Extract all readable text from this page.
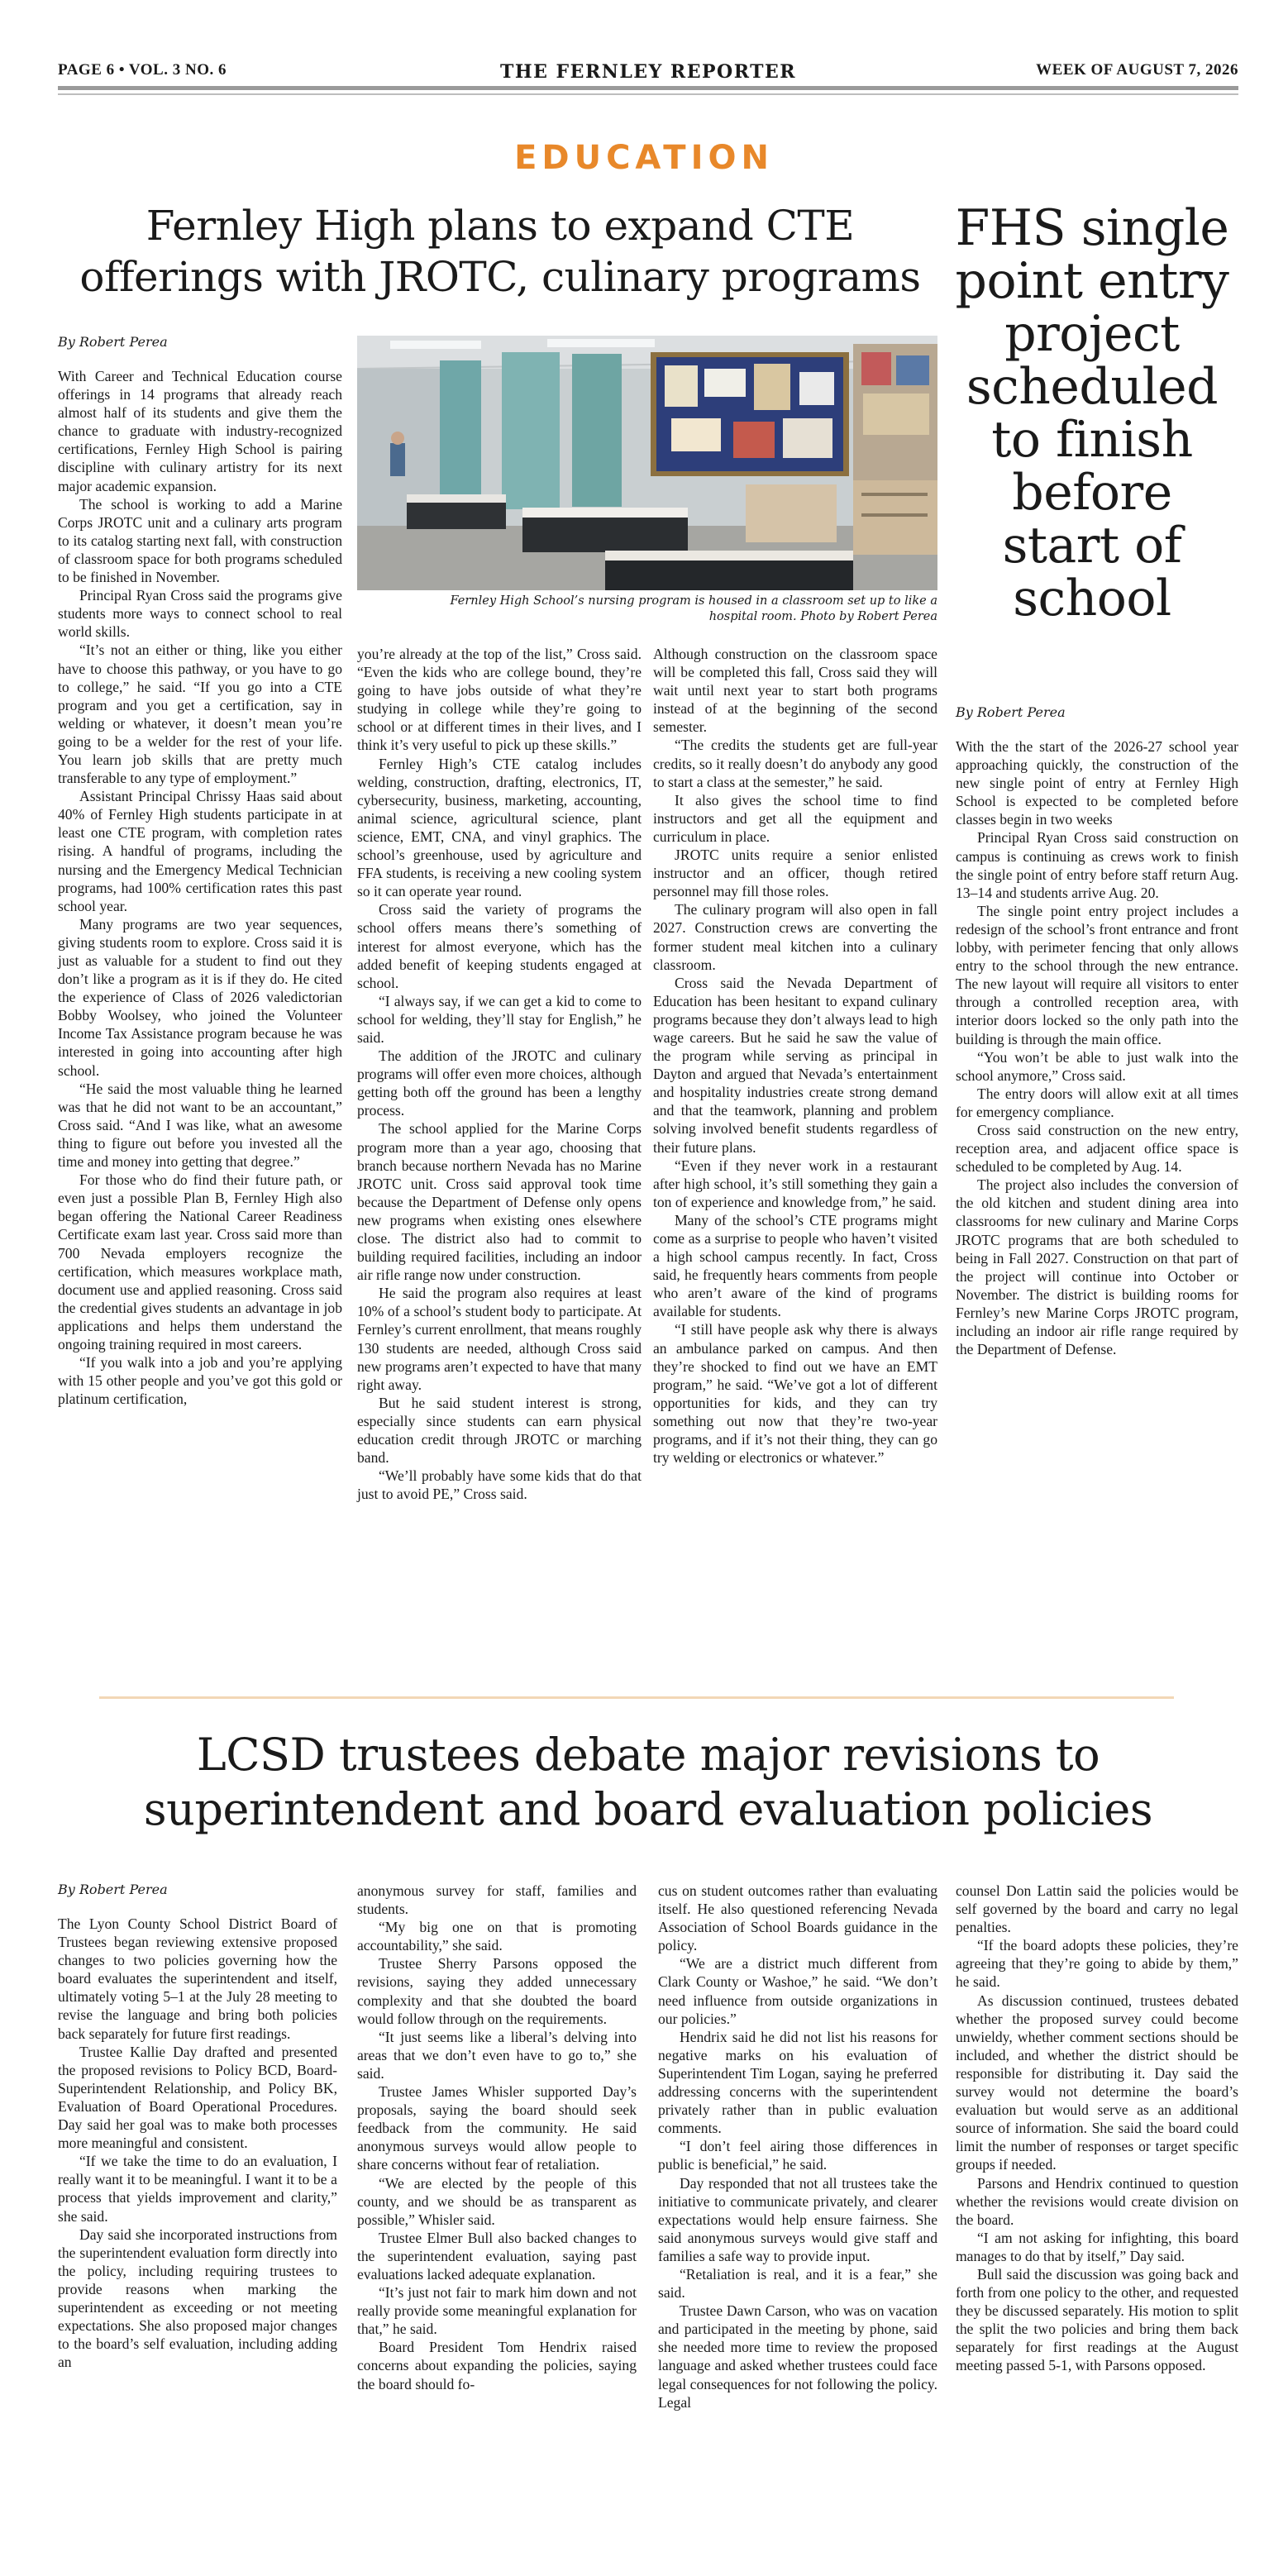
PAGE 6 • VOL. 3 NO. 6	THE FERNLEY REPORTER	WEEK OF AUGUST 7, 2026
EDUCATION
Fernley High plans to expand CTE
offerings with JROTC, culinary programs
FHS single
point entry
project
scheduled
to finish
before
start of
school
By Robert Perea
By Robert Perea
Fernley High School’s nursing program is housed in a classroom set up to like a
hospital room. Photo by Robert Perea

With Career and Technical Education course offerings in 14 programs that already reach almost half of its students and give them the chance to graduate with industry-recognized certifications, Fernley High School is pairing discipline with culinary artistry for its next major academic expansion.

The school is working to add a Marine Corps JROTC unit and a culinary arts program to its catalog starting next fall, with construction of classroom space for both programs scheduled to be finished in November.

Principal Ryan Cross said the programs give students more ways to connect school to real world skills.

“It’s not an either or thing, like you either have to choose this pathway, or you have to go to college,” he said. “If you go into a CTE program and you get a certification, say in welding or whatever, it doesn’t mean you’re going to be a welder for the rest of your life. You learn job skills that are pretty much transferable to any type of employment.”

Assistant Principal Chrissy Haas said about 40% of Fernley High students participate in at least one CTE program, with completion rates rising. A handful of programs, including the nursing and the Emergency Medical Technician programs, had 100% certification rates this past school year.

Many programs are two year sequences, giving students room to explore. Cross said it is just as valuable for a student to find out they don’t like a program as it is if they do. He cited the experience of Class of 2026 valedictorian Bobby Woolsey, who joined the Volunteer Income Tax Assistance program because he was interested in going into accounting after high school.

“He said the most valuable thing he learned was that he did not want to be an accountant,” Cross said. “And I was like, what an awesome thing to figure out before you invested all the time and money into getting that degree.”

For those who do find their future path, or even just a possible Plan B, Fernley High also began offering the National Career Readiness Certificate exam last year. Cross said more than 700 Nevada employers recognize the certification, which measures workplace math, document use and applied reasoning. Cross said the credential gives students an advantage in job applications and helps them understand the ongoing training required in most careers.

“If you walk into a job and you’re applying with 15 other people and you’ve got this gold or platinum certification,

you’re already at the top of the list,” Cross said. “Even the kids who are college bound, they’re going to have jobs outside of what they’re studying in college while they’re going to school or at different times in their lives, and I think it’s very useful to pick up these skills.”

Fernley High’s CTE catalog includes welding, construction, drafting, electronics, IT, cybersecurity, business, marketing, accounting, animal science, agricultural science, plant science, EMT, CNA, and vinyl graphics. The school’s greenhouse, used by agriculture and FFA students, is receiving a new cooling system so it can operate year round.

Cross said the variety of programs the school offers means there’s something of interest for almost everyone, which has the added benefit of keeping students engaged at school.

“I always say, if we can get a kid to come to school for welding, they’ll stay for English,” he said.

The addition of the JROTC and culinary programs will offer even more choices, although getting both off the ground has been a lengthy process.

The school applied for the Marine Corps program more than a year ago, choosing that branch because northern Nevada has no Marine JROTC unit. Cross said approval took time because the Department of Defense only opens new programs when existing ones elsewhere close. The district also had to commit to building required facilities, including an indoor air rifle range now under construction.

He said the program also requires at least 10% of a school’s student body to participate. At Fernley’s current enrollment, that means roughly 130 students are needed, although Cross said new programs aren’t expected to have that many right away.

But he said student interest is strong, especially since students can earn physical education credit through JROTC or marching band.

“We’ll probably have some kids that do that just to avoid PE,” Cross said.

Although construction on the classroom space will be completed this fall, Cross said they will wait until next year to start both programs instead of at the beginning of the second semester.

“The credits the students get are full-year credits, so it really doesn’t do anybody any good to start a class at the semester,” he said.

It also gives the school time to find instructors and get all the equipment and curriculum in place.

JROTC units require a senior enlisted instructor and an officer, though retired personnel may fill those roles.

The culinary program will also open in fall 2027. Construction crews are converting the former student meal kitchen into a culinary classroom.

Cross said the Nevada Department of Education has been hesitant to expand culinary programs because they don’t always lead to high wage careers. But he said he saw the value of the program while serving as principal in Dayton and argued that Nevada’s entertainment and hospitality industries create strong demand and that the teamwork, planning and problem solving involved benefit students regardless of their future plans.

“Even if they never work in a restaurant after high school, it’s still something they gain a ton of experience and knowledge from,” he said.

Many of the school’s CTE programs might come as a surprise to people who haven’t visited a high school campus recently. In fact, Cross said, he frequently hears comments from people who aren’t aware of the kind of programs available for students.

“I still have people ask why there is always an ambulance parked on campus. And then they’re shocked to find out we have an EMT program,” he said. “We’ve got a lot of different opportunities for kids, and they can try something out now that they’re two-year programs, and if it’s not their thing, they can go try welding or electronics or whatever.”

With the the start of the 2026-27 school year approaching quickly, the construction of the new single point of entry at Fernley High School is expected to be completed before classes begin in two weeks

Principal Ryan Cross said construction on campus is continuing as crews work to finish the single point of entry before staff return Aug. 13–14 and students arrive Aug. 20.

The single point entry project includes a redesign of the school’s front entrance and front lobby, with perimeter fencing that only allows entry to the school through the new entrance. The new layout will require all visitors to enter through a controlled reception area, with interior doors locked so the only path into the building is through the main office.

“You won’t be able to just walk into the school anymore,” Cross said.

The entry doors will allow exit at all times for emergency compliance.

Cross said construction on the new entry, reception area, and adjacent office space is scheduled to be completed by Aug. 14.

The project also includes the conversion of the old kitchen and student dining area into classrooms for new culinary and Marine Corps JROTC programs that are both scheduled to being in Fall 2027. Construction on that part of the project will continue into October or November. The district is building rooms for Fernley’s new Marine Corps JROTC program, including an indoor air rifle range required by the Department of Defense.

LCSD trustees debate major revisions to
superintendent and board evaluation policies
By Robert Perea

The Lyon County School District Board of Trustees began reviewing extensive proposed changes to two policies governing how the board evaluates the superintendent and itself, ultimately voting 5–1 at the July 28 meeting to revise the language and bring both policies back separately for future first readings.

Trustee Kallie Day drafted and presented the proposed revisions to Policy BCD, Board-Superintendent Relationship, and Policy BK, Evaluation of Board Operational Procedures. Day said her goal was to make both processes more meaningful and consistent.

“If we take the time to do an evaluation, I really want it to be meaningful. I want it to be a process that yields improvement and clarity,” she said.

Day said she incorporated instructions from the superintendent evaluation form directly into the policy, including requiring trustees to provide reasons when marking the superintendent as exceeding or not meeting expectations. She also proposed major changes to the board’s self evaluation, including adding an

anonymous survey for staff, families and students.

“My big one on that is promoting accountability,” she said.

Trustee Sherry Parsons opposed the revisions, saying they added unnecessary complexity and that she doubted the board would follow through on the requirements.

“It just seems like a liberal’s delving into areas that we don’t even have to go to,” she said.

Trustee James Whisler supported Day’s proposals, saying the board should seek feedback from the community. He said anonymous surveys would allow people to share concerns without fear of retaliation.

“We are elected by the people of this county, and we should be as transparent as possible,” Whisler said.

Trustee Elmer Bull also backed changes to the superintendent evaluation, saying past evaluations lacked adequate explanation.

“It’s just not fair to mark him down and not really provide some meaningful explanation for that,” he said.

Board President Tom Hendrix raised concerns about expanding the policies, saying the board should fo-

cus on student outcomes rather than evaluating itself. He also questioned referencing Nevada Association of School Boards guidance in the policy.

“We are a district much different from Clark County or Washoe,” he said. “We don’t need influence from outside organizations in our policies.”

Hendrix said he did not list his reasons for negative marks on his evaluation of Superintendent Tim Logan, saying he preferred addressing concerns with the superintendent privately rather than in public evaluation comments.

“I don’t feel airing those differences in public is beneficial,” he said.

Day responded that not all trustees take the initiative to communicate privately, and clearer expectations would help ensure fairness. She said anonymous surveys would give staff and families a safe way to provide input.

“Retaliation is real, and it is a fear,” she said.

Trustee Dawn Carson, who was on vacation and participated in the meeting by phone, said she needed more time to review the proposed language and asked whether trustees could face legal consequences for not following the policy. Legal

counsel Don Lattin said the policies would be self governed by the board and carry no legal penalties.

“If the board adopts these policies, they’re agreeing that they’re going to abide by them,” he said.

As discussion continued, trustees debated whether the proposed survey could become unwieldy, whether comment sections should be included, and whether the district should be responsible for distributing it. Day said the survey would not determine the board’s evaluation but would serve as an additional source of information. She said the board could limit the number of responses or target specific groups if needed.

Parsons and Hendrix continued to question whether the revisions would create division on the board.

“I am not asking for infighting, this board manages to do that by itself,” Day said.

Bull said the discussion was going back and forth from one policy to the other, and requested they be discussed separately. His motion to split the split the two policies and bring them back separately for first readings at the August meeting passed 5-1, with Parsons opposed.
